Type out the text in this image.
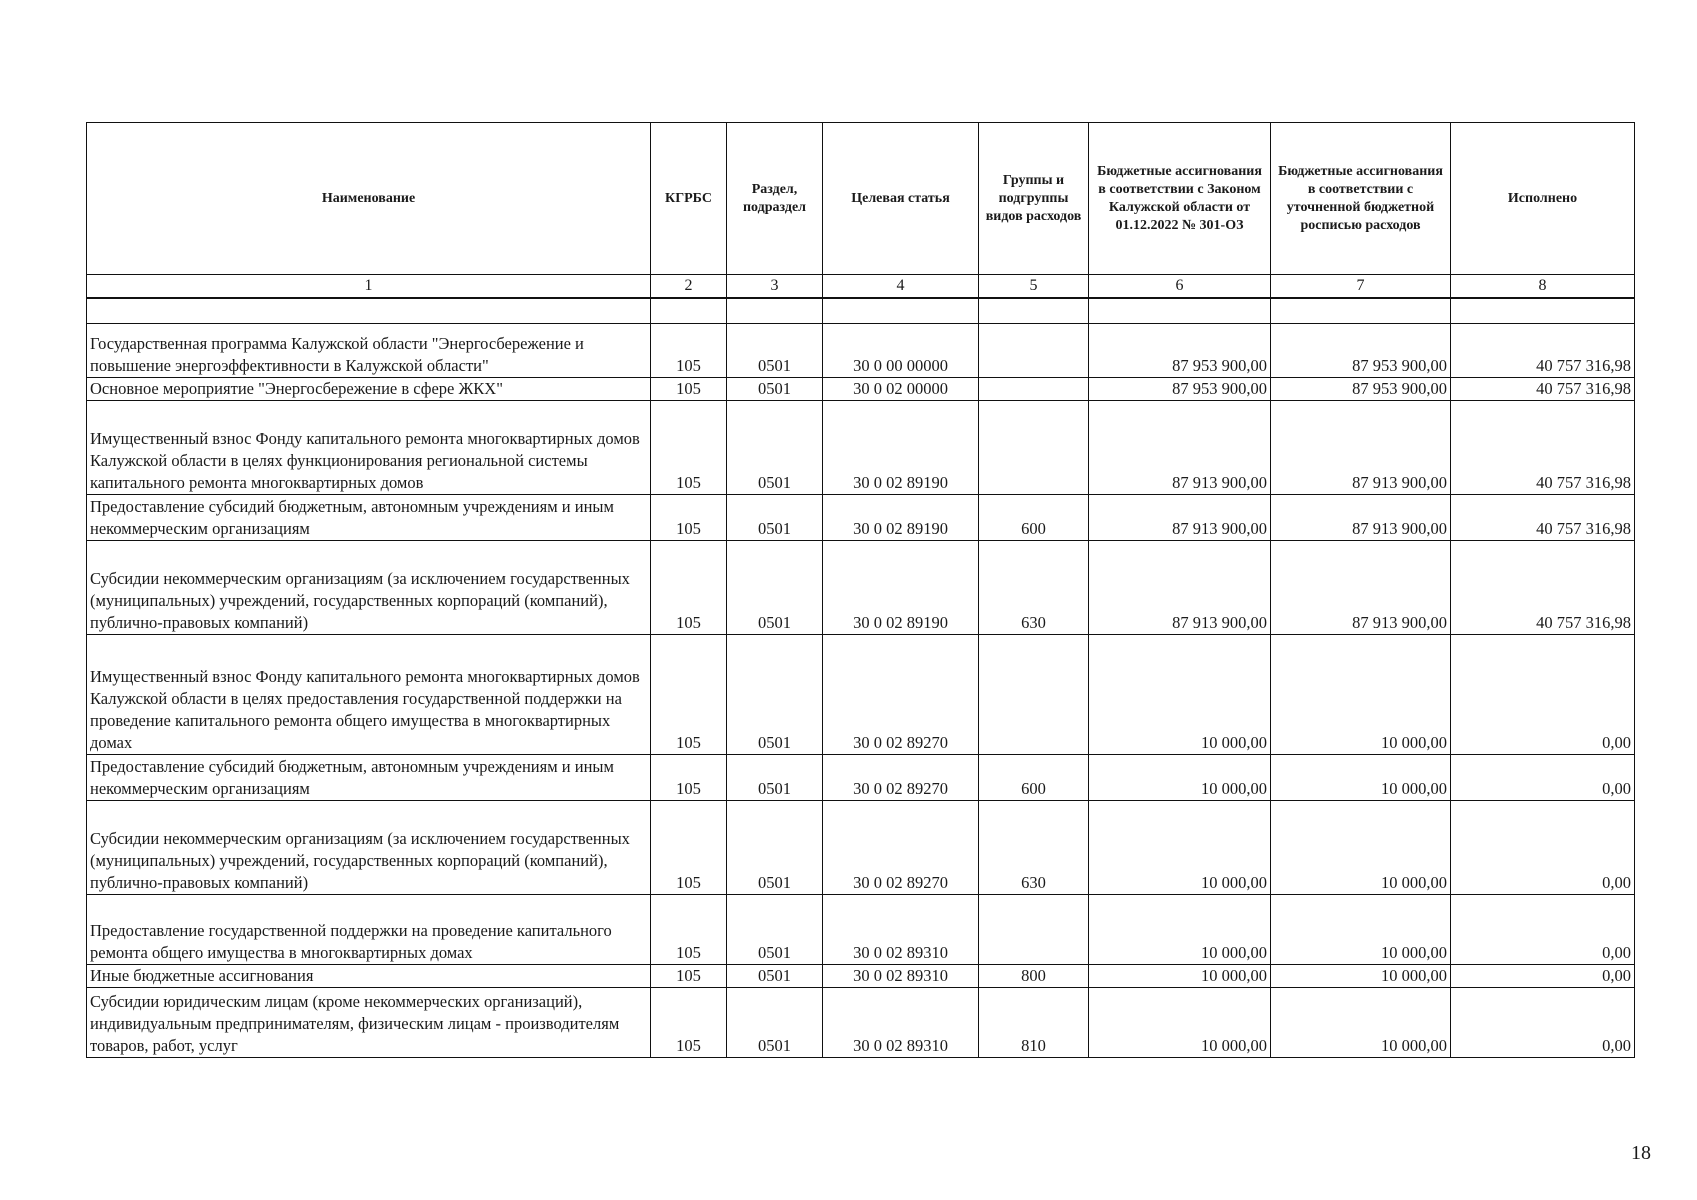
Наименование	КГРБС	Раздел, подраздел	Целевая статья	Группы и подгруппы видов расходов	Бюджетные ассигнования в соответствии с Законом Калужской области от 01.12.2022 № 301-ОЗ	Бюджетные ассигнования в соответствии с уточненной бюджетной росписью расходов	Исполнено
1	2	3	4	5	6	7	8

Государственная программа Калужской области "Энергосбережение и повышение энергоэффективности в Калужской области"	105	0501	30 0 00 00000		87 953 900,00	87 953 900,00	40 757 316,98
Основное мероприятие "Энергосбережение в сфере ЖКХ"	105	0501	30 0 02 00000		87 953 900,00	87 953 900,00	40 757 316,98
Имущественный взнос Фонду капитального ремонта многоквартирных домов Калужской области в целях функционирования региональной системы капитального ремонта многоквартирных домов	105	0501	30 0 02 89190		87 913 900,00	87 913 900,00	40 757 316,98
Предоставление субсидий бюджетным, автономным учреждениям и иным некоммерческим организациям	105	0501	30 0 02 89190	600	87 913 900,00	87 913 900,00	40 757 316,98
Субсидии некоммерческим организациям (за исключением государственных (муниципальных) учреждений, государственных корпораций (компаний), публично-правовых компаний)	105	0501	30 0 02 89190	630	87 913 900,00	87 913 900,00	40 757 316,98
Имущественный взнос Фонду капитального ремонта многоквартирных домов Калужской области в целях предоставления государственной поддержки на проведение капитального ремонта общего имущества в многоквартирных домах	105	0501	30 0 02 89270		10 000,00	10 000,00	0,00
Предоставление субсидий бюджетным, автономным учреждениям и иным некоммерческим организациям	105	0501	30 0 02 89270	600	10 000,00	10 000,00	0,00
Субсидии некоммерческим организациям (за исключением государственных (муниципальных) учреждений, государственных корпораций (компаний), публично-правовых компаний)	105	0501	30 0 02 89270	630	10 000,00	10 000,00	0,00
Предоставление государственной поддержки на проведение капитального ремонта общего имущества в многоквартирных домах	105	0501	30 0 02 89310		10 000,00	10 000,00	0,00
Иные бюджетные ассигнования	105	0501	30 0 02 89310	800	10 000,00	10 000,00	0,00
Субсидии юридическим лицам (кроме некоммерческих организаций), индивидуальным предпринимателям, физическим лицам - производителям товаров, работ, услуг	105	0501	30 0 02 89310	810	10 000,00	10 000,00	0,00
18
